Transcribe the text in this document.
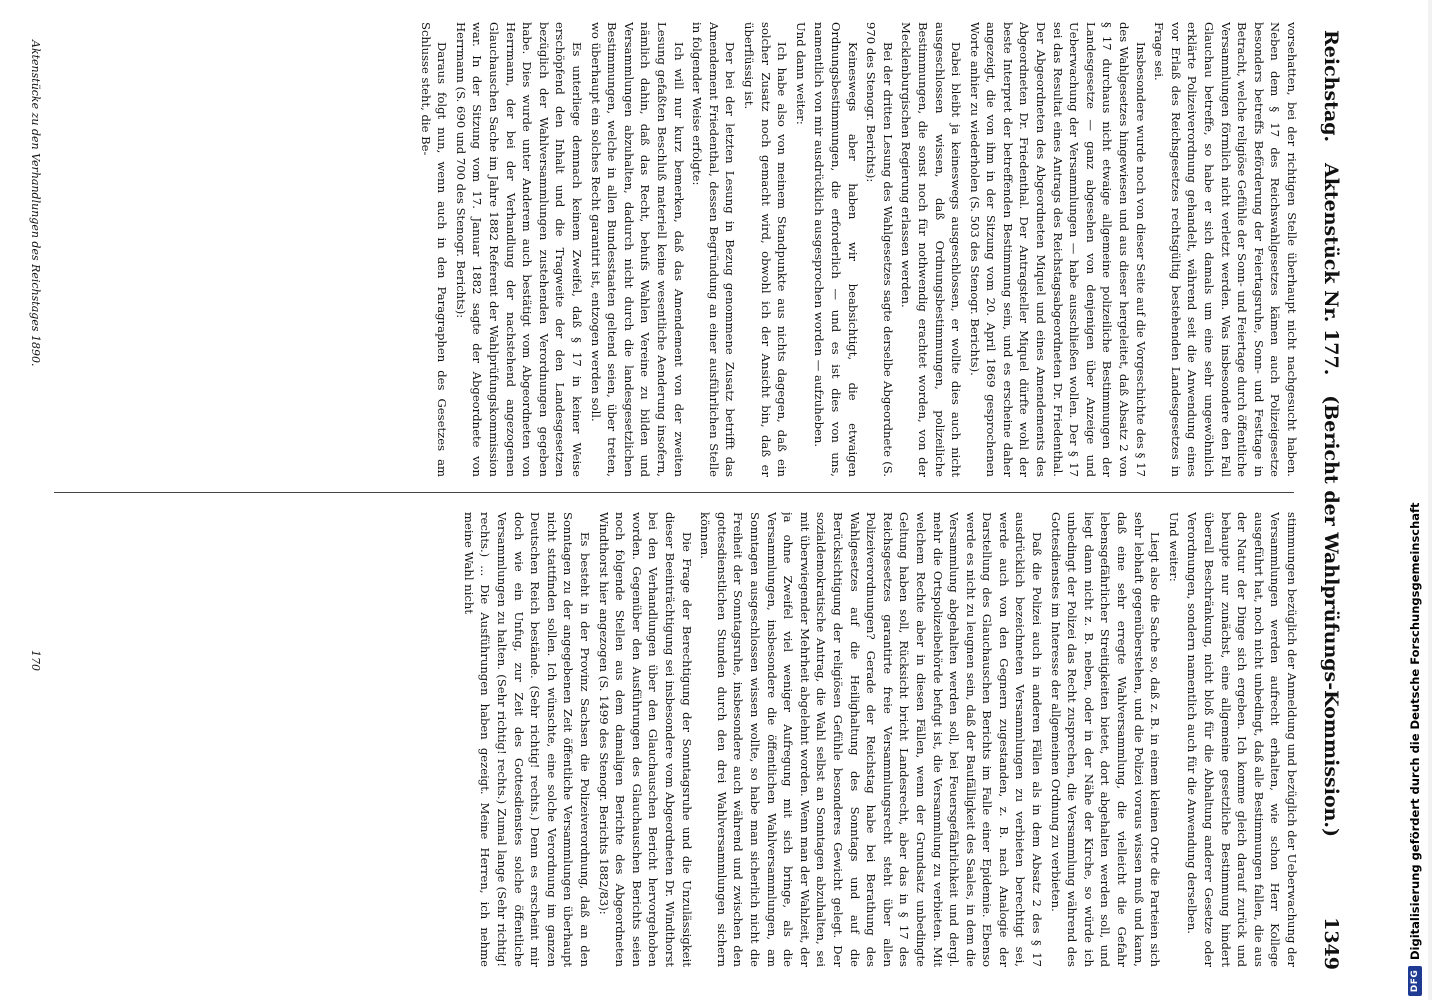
Reichstag.
Aktenstück Nr. 177.   (Bericht der Wahlprüfungs-Kommission.)
1349

vorsehatten, bei der richtigen Stelle überhaupt nicht nachgesucht haben. Neben dem § 17 des Reichswahlgesetzes kämen auch Polizeigesetze besonders betreffs Beförderung der Feiertagsruhe, Sonn- und Festtage in Betracht, welche religiöse Gefühle der Sonn- und Feiertage durch öffentliche Versammlungen förmlich nicht verletzt werden. Was insbesondere den Fall Glauchau betreffe, so habe er sich damals um eine sehr ungewöhnlich erklärte Polizeiverordnung gehandelt, während seit die Anwendung eines vor Erlaß des Reichsgesetzes rechtsgültig bestehenden Landesgesetzes in Frage sei.

Insbesondere wurde noch von dieser Seite auf die Vorgeschichte des § 17 des Wahlgesetzes hingewiesen und aus dieser hergeleitet, daß Absatz 2 von § 17 durchaus nicht etwaige allgemeine polizeiliche Bestimmungen der Landesgesetze — ganz abgesehen von denjenigen über Anzeige und Ueberwachung der Versammlungen — habe ausschließen wollen. Der § 17 sei das Resultat eines Antrags des Reichstagsabgeordneten Dr. Friedenthal. Der Abgeordneten des Abgeordneten Miquel und eines Amendements des Abgeordneten Dr. Friedenthal. Der Antragsteller Miquel dürfte wohl der beste Interpret der betreffenden Bestimmung sein, und es erscheine daher angezeigt, die von ihm in der Sitzung vom 20. April 1869 gesprochenen Worte anhier zu wiederholen (S. 503 des Stenogr. Berichts).

Dabei bleibt ja keineswegs ausgeschlossen, er wollte dies auch nicht ausgeschlossen wissen, daß Ordnungsbestimmungen, polizeiliche Bestimmungen, die sonst noch für nothwendig erachtet worden, von der Mecklenburgischen Regierung erlassen werden.

Bei der dritten Lesung des Wahlgesetzes sagte derselbe Abgeordnete (S. 970 des Stenogr. Berichts):

Keineswegs aber haben wir beabsichtigt, die etwaigen Ordnungsbestimmungen, die erforderlich — und es ist dies von uns, namentlich von mir ausdrücklich ausgesprochen worden — aufzuheben.

Und dann weiter:

Ich habe also von meinem Standpunkte aus nichts dagegen, daß ein solcher Zusatz noch gemacht wird, obwohl ich der Ansicht bin, daß er überflüssig ist.

Der bei der letzten Lesung in Bezug genommene Zusatz betrifft das Amendement Friedenthal, dessen Begründung an einer ausführlichen Stelle in folgender Weise erfolgte:

Ich will nur kurz bemerken, daß das Amendement von der zweiten Lesung gefaßten Beschluß materiell keine wesentliche Aenderung insofern, nämlich dahin, daß das Recht, behufs Wahlen Vereine zu bilden und Versammlungen abzuhalten, dadurch nicht durch die landesgesetzlichen Bestimmungen, welche in allen Bundesstaaten geltend seien, über treten, wo überhaupt ein solches Recht garantirt ist, entzogen werden soll.

Es unterliege demnach keinem Zweifel, daß § 17 in keiner Weise erschöpfend den Inhalt und die Tragweite der den Landesgesetzen bezüglich der Wahlversammlungen zustehenden Verordnungen gegeben habe. Dies wurde unter Anderem auch bestätigt vom Abgeordneten von Herrmann, der bei der Verhandlung der nachstehend angezogenen Glauchauschen Sache im Jahre 1882 Referent der Wahlprüfungskommission war. In der Sitzung vom 17. Januar 1882 sagte der Abgeordnete von Herrmann (S. 690 und 700 des Stenogr. Berichts):

Daraus folgt nun, wenn auch in den Paragraphen des Gesetzes am Schlusse steht, die Be-

stimmungen bezüglich der Anmeldung und bezüglich der Ueberwachung der Versammlungen werden aufrecht erhalten, wie schon Herr Kollege ausgeführt hat, noch nicht unbedingt, daß alle Bestimmungen fallen, die aus der Natur der Dinge sich ergeben. Ich komme gleich darauf zurück und behaupte nur zunächst, eine allgemeine gesetzliche Bestimmung hindert überall Beschränkung, nicht bloß für die Abhaltung anderer Gesetze oder Verordnungen, sondern namentlich auch für die Anwendung derselben.

Und weiter:

Liegt also die Sache so, daß z. B. in einem kleinen Orte die Parteien sich sehr lebhaft gegenüberstehen, und die Polizei voraus wissen muß und kann, daß eine sehr erregte Wahlversammlung, die vielleicht die Gefahr lebensgefährlicher Streitigkeiten bietet, dort abgehalten werden soll, und liegt dann nicht z. B. neben, oder in der Nähe der Kirche, so würde ich unbedingt der Polizei das Recht zusprechen, die Versammlung während des Gottesdienstes im Interesse der allgemeinen Ordnung zu verbieten.

Daß die Polizei auch in anderen Fällen als in dem Absatz 2 des § 17 ausdrücklich bezeichneten Versammlungen zu verbieten berechtigt sei, werde auch von den Gegnern zugestanden, z. B. nach Analogie der Darstellung des Glauchauschen Berichts im Falle einer Epidemie. Ebenso werde es nicht zu leugnen sein, daß der Baufälligkeit des Saales, in dem die Versammlung abgehalten werden soll, bei Feuersgefährlichkeit und dergl. mehr die Ortspolizeibehörde befugt ist, die Versammlung zu verbieten. Mit welchem Rechte aber in diesen Fällen, wenn der Grundsatz unbedingte Geltung haben soll, Rücksicht bricht Landesrecht, aber das in § 17 des Reichsgesetzes garantirte freie Versammlungsrecht steht über allen Polizeiverordnungen? Gerade der Reichstag habe bei Berathung des Wahlgesetzes auf die Heilighaltung des Sonntags und auf die Berücksichtigung der religiösen Gefühle besonderes Gewicht gelegt. Der sozialdemokratische Antrag, die Wahl selbst an Sonntagen abzuhalten, sei mit überwiegender Mehrheit abgelehnt worden. Wenn man der Wahlzeit, der ja ohne Zweifel viel weniger Aufregung mit sich bringe, als die Versammlungen, insbesondere die öffentlichen Wahlversammlungen, am Sonntagen ausgeschlossen wissen wollte, so habe man sicherlich nicht die Freiheit der Sonntagsruhe, insbesondere auch während und zwischen den gottesdienstlichen Stunden durch den drei Wahlversammlungen sichern können.

Die Frage der Berechtigung der Sonntagsruhe und die Unzulässigkeit dieser Beeinträchtigung sei insbesondere vom Abgeordneten Dr. Windthorst bei den Verhandlungen über den Glauchauschen Bericht hervorgehoben worden. Gegenüber den Ausführungen des Glauchauschen Berichts seien noch folgende Stellen aus dem damaligen Berichte des Abgeordneten Windthorst hier angezogen (S. 1499 des Stenogr. Berichts 1882/83):

Es besteht in der Provinz Sachsen die Polizeiverordnung, daß an den Sonntagen zu der angegebenen Zeit öffentliche Versammlungen überhaupt nicht stattfinden sollen. Ich wünschte, eine solche Verordnung im ganzen Deutschen Reich bestände. (Sehr richtig! rechts.) Denn es erscheint mir doch wie ein Unfug, zur Zeit des Gottesdienstes solche öffentliche Versammlungen zu halten. (Sehr richtig! rechts.) Zumal lange (Sehr richtig! rechts.) ... Die Ausführungen haben gezeigt. Meine Herren, ich nehme meine Wahl nicht

Aktenstücke zu den Verhandlungen des Reichstages 1890.
170
DFG
Digitalisierung gefördert durch die Deutsche Forschungsgemeinschaft
